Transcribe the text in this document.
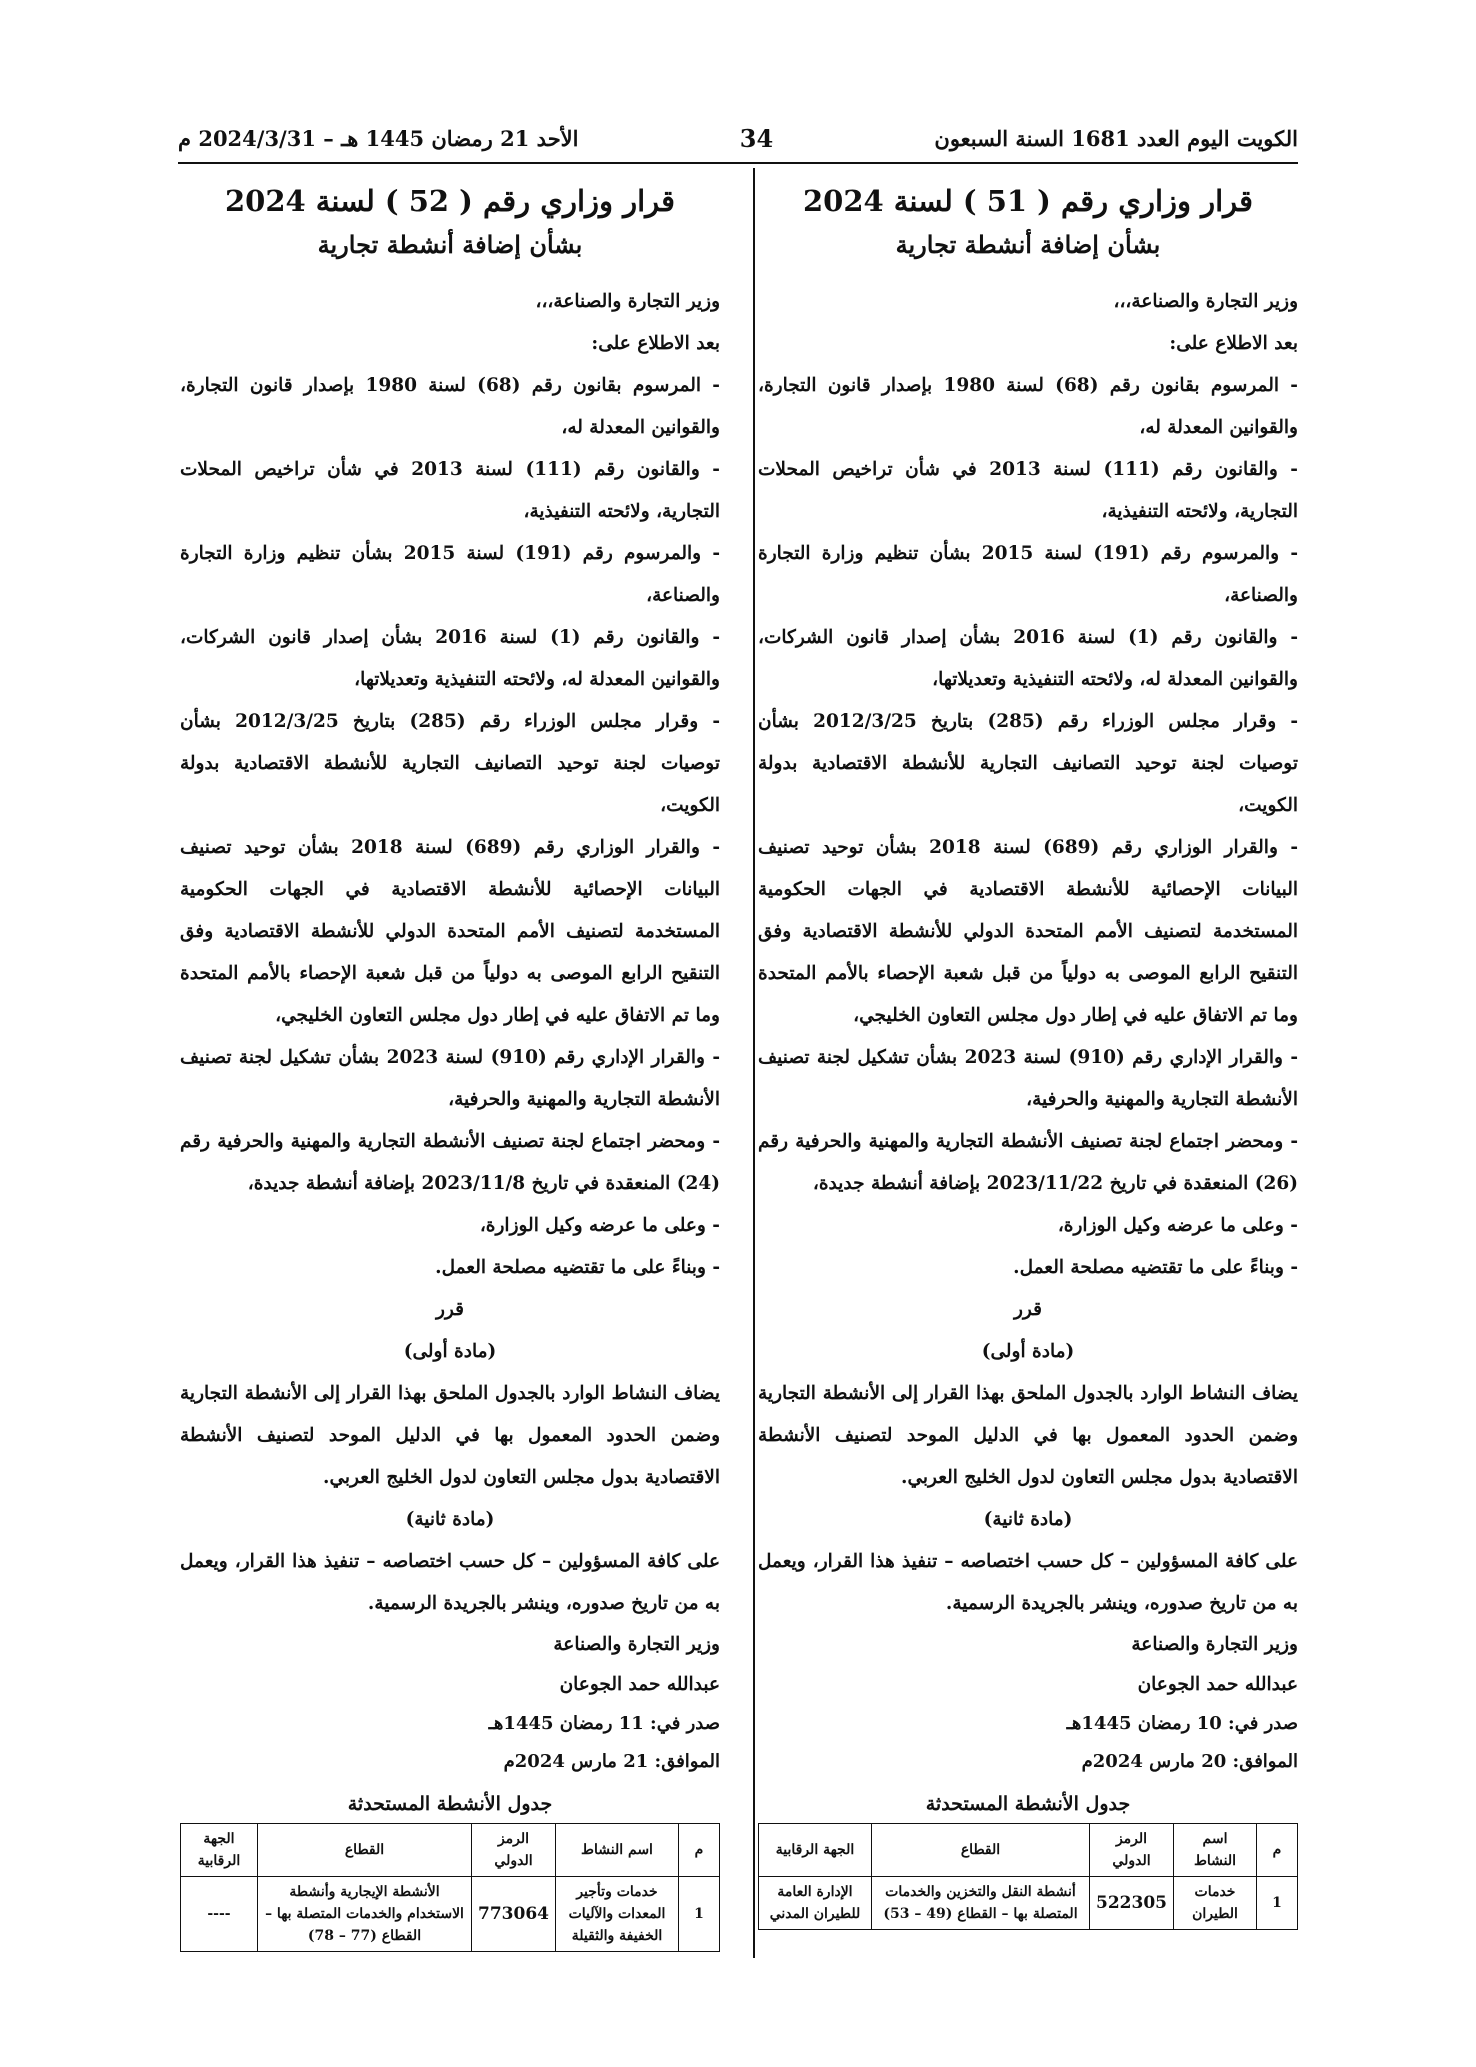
الكويت اليوم العدد 1681 السنة السبعون
34
الأحد 21 رمضان 1445 هـ – 2024/3/31 م
قرار وزاري رقم ( 51 ) لسنة 2024
بشأن إضافة أنشطة تجارية

وزير التجارة والصناعة،،،

بعد الاطلاع على:

- المرسوم بقانون رقم (68) لسنة 1980 بإصدار قانون التجارة، والقوانين المعدلة له،

- والقانون رقم (111) لسنة 2013 في شأن تراخيص المحلات التجارية، ولائحته التنفيذية،

- والمرسوم رقم (191) لسنة 2015 بشأن تنظيم وزارة التجارة والصناعة،

- والقانون رقم (1) لسنة 2016 بشأن إصدار قانون الشركات، والقوانين المعدلة له، ولائحته التنفيذية وتعديلاتها،

- وقرار مجلس الوزراء رقم (285) بتاريخ 2012/3/25 بشأن توصيات لجنة توحيد التصانيف التجارية للأنشطة الاقتصادية بدولة الكويت،

- والقرار الوزاري رقم (689) لسنة 2018 بشأن توحيد تصنيف البيانات الإحصائية للأنشطة الاقتصادية في الجهات الحكومية المستخدمة لتصنيف الأمم المتحدة الدولي للأنشطة الاقتصادية وفق التنقيح الرابع الموصى به دولياً من قبل شعبة الإحصاء بالأمم المتحدة وما تم الاتفاق عليه في إطار دول مجلس التعاون الخليجي،

- والقرار الإداري رقم (910) لسنة 2023 بشأن تشكيل لجنة تصنيف الأنشطة التجارية والمهنية والحرفية،

- ومحضر اجتماع لجنة تصنيف الأنشطة التجارية والمهنية والحرفية رقم (26) المنعقدة في تاريخ 2023/11/22 بإضافة أنشطة جديدة،

- وعلى ما عرضه وكيل الوزارة،

- وبناءً على ما تقتضيه مصلحة العمل.

قرر

(مادة أولى)

يضاف النشاط الوارد بالجدول الملحق بهذا القرار إلى الأنشطة التجارية وضمن الحدود المعمول بها في الدليل الموحد لتصنيف الأنشطة الاقتصادية بدول مجلس التعاون لدول الخليج العربي.

(مادة ثانية)

على كافة المسؤولين – كل حسب اختصاصه – تنفيذ هذا القرار، ويعمل به من تاريخ صدوره، وينشر بالجريدة الرسمية.

وزير التجارة والصناعة

عبدالله حمد الجوعان

صدر في: 10 رمضان 1445هـ

الموافق: 20 مارس 2024م

جدول الأنشطة المستحدثة
م	اسم النشاط	الرمز الدولي	القطاع	الجهة الرقابية
1	خدمات الطيران	522305	أنشطة النقل والتخزين والخدمات المتصلة بها – القطاع (49 – 53)	الإدارة العامة للطيران المدني
قرار وزاري رقم ( 52 ) لسنة 2024
بشأن إضافة أنشطة تجارية

وزير التجارة والصناعة،،،

بعد الاطلاع على:

- المرسوم بقانون رقم (68) لسنة 1980 بإصدار قانون التجارة، والقوانين المعدلة له،

- والقانون رقم (111) لسنة 2013 في شأن تراخيص المحلات التجارية، ولائحته التنفيذية،

- والمرسوم رقم (191) لسنة 2015 بشأن تنظيم وزارة التجارة والصناعة،

- والقانون رقم (1) لسنة 2016 بشأن إصدار قانون الشركات، والقوانين المعدلة له، ولائحته التنفيذية وتعديلاتها،

- وقرار مجلس الوزراء رقم (285) بتاريخ 2012/3/25 بشأن توصيات لجنة توحيد التصانيف التجارية للأنشطة الاقتصادية بدولة الكويت،

- والقرار الوزاري رقم (689) لسنة 2018 بشأن توحيد تصنيف البيانات الإحصائية للأنشطة الاقتصادية في الجهات الحكومية المستخدمة لتصنيف الأمم المتحدة الدولي للأنشطة الاقتصادية وفق التنقيح الرابع الموصى به دولياً من قبل شعبة الإحصاء بالأمم المتحدة وما تم الاتفاق عليه في إطار دول مجلس التعاون الخليجي،

- والقرار الإداري رقم (910) لسنة 2023 بشأن تشكيل لجنة تصنيف الأنشطة التجارية والمهنية والحرفية،

- ومحضر اجتماع لجنة تصنيف الأنشطة التجارية والمهنية والحرفية رقم (24) المنعقدة في تاريخ 2023/11/8 بإضافة أنشطة جديدة،

- وعلى ما عرضه وكيل الوزارة،

- وبناءً على ما تقتضيه مصلحة العمل.

قرر

(مادة أولى)

يضاف النشاط الوارد بالجدول الملحق بهذا القرار إلى الأنشطة التجارية وضمن الحدود المعمول بها في الدليل الموحد لتصنيف الأنشطة الاقتصادية بدول مجلس التعاون لدول الخليج العربي.

(مادة ثانية)

على كافة المسؤولين – كل حسب اختصاصه – تنفيذ هذا القرار، ويعمل به من تاريخ صدوره، وينشر بالجريدة الرسمية.

وزير التجارة والصناعة

عبدالله حمد الجوعان

صدر في: 11 رمضان 1445هـ

الموافق: 21 مارس 2024م

جدول الأنشطة المستحدثة
م	اسم النشاط	الرمز الدولي	القطاع	الجهة الرقابية
1	خدمات وتأجير المعدات والآليات الخفيفة والثقيلة	773064	الأنشطة الإيجارية وأنشطة الاستخدام والخدمات المتصلة بها – القطاع (77 – 78)	----
